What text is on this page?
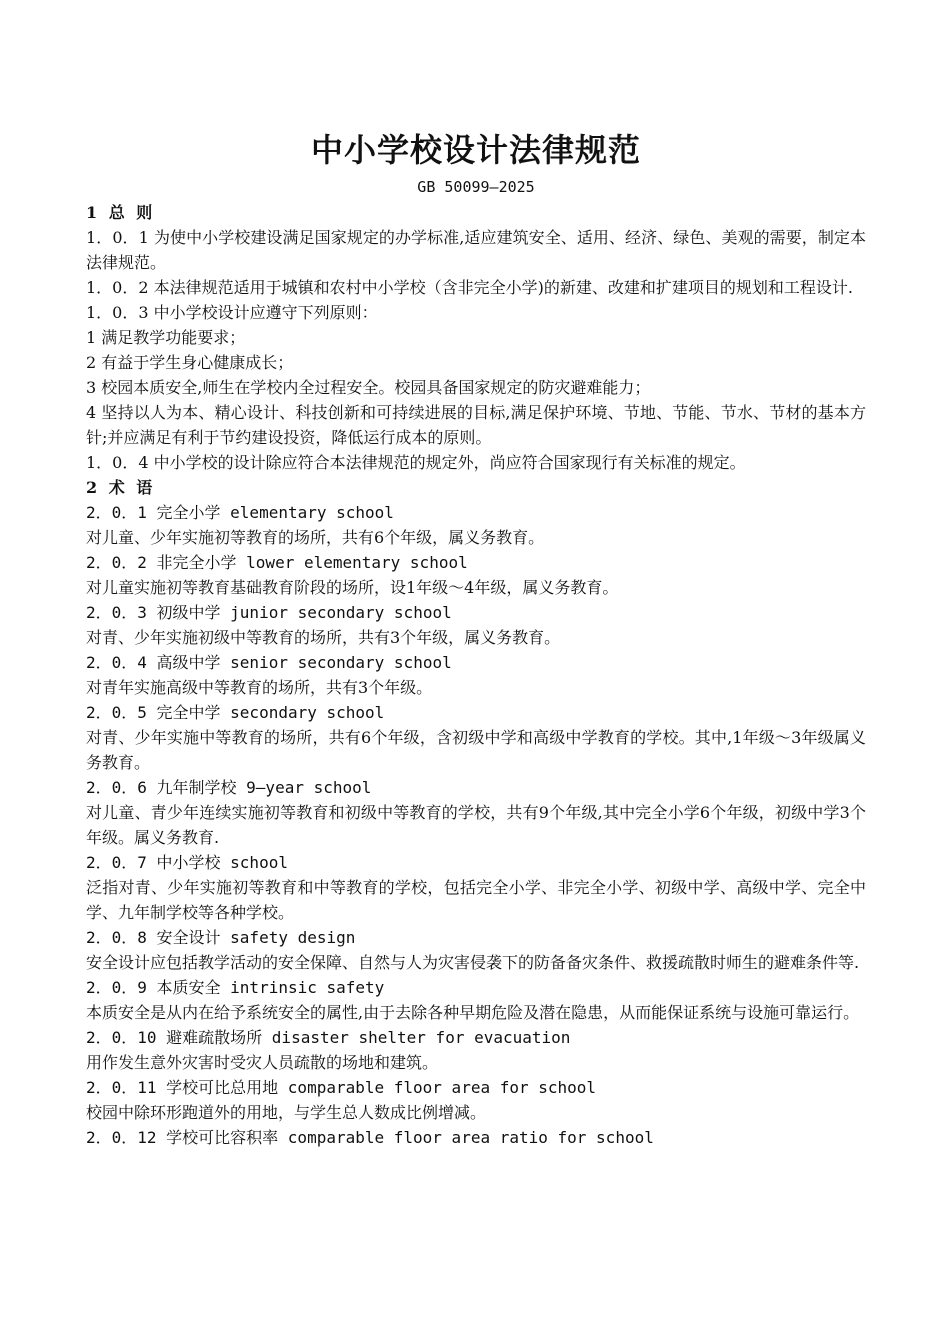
中小学校设计法律规范
GB 50099—2025
1 总 则
1．0．1 为使中小学校建设满足国家规定的办学标准,适应建筑安全、适用、经济、绿色、美观的需要，制定本法律规范。
1．0．2 本法律规范适用于城镇和农村中小学校（含非完全小学)的新建、改建和扩建项目的规划和工程设计.
1．0．3 中小学校设计应遵守下列原则：
1 满足教学功能要求；
2 有益于学生身心健康成长；
3 校园本质安全,师生在学校内全过程安全。校园具备国家规定的防灾避难能力；
4 坚持以人为本、精心设计、科技创新和可持续进展的目标,满足保护环境、节地、节能、节水、节材的基本方针;并应满足有利于节约建设投资，降低运行成本的原则。
1．0．4 中小学校的设计除应符合本法律规范的规定外，尚应符合国家现行有关标准的规定。
2 术 语
2．0．1 完全小学 elementary school
对儿童、少年实施初等教育的场所，共有6个年级，属义务教育。
2．0．2 非完全小学 lower elementary school
对儿童实施初等教育基础教育阶段的场所，设1年级～4年级，属义务教育。
2．0．3 初级中学 junior secondary school
对青、少年实施初级中等教育的场所，共有3个年级，属义务教育。
2．0．4 高级中学 senior secondary school
对青年实施高级中等教育的场所，共有3个年级。
2．0．5 完全中学 secondary school
对青、少年实施中等教育的场所，共有6个年级，含初级中学和高级中学教育的学校。其中,1年级～3年级属义务教育。
2．0．6 九年制学校 9—year school
对儿童、青少年连续实施初等教育和初级中等教育的学校，共有9个年级,其中完全小学6个年级，初级中学3个年级。属义务教育.
2．0．7 中小学校 school
泛指对青、少年实施初等教育和中等教育的学校，包括完全小学、非完全小学、初级中学、高级中学、完全中学、九年制学校等各种学校。
2．0．8 安全设计 safety design
安全设计应包括教学活动的安全保障、自然与人为灾害侵袭下的防备备灾条件、救援疏散时师生的避难条件等.
2．0．9 本质安全 intrinsic safety
本质安全是从内在给予系统安全的属性,由于去除各种早期危险及潜在隐患，从而能保证系统与设施可靠运行。
2．0．10 避难疏散场所 disaster shelter for evacuation
用作发生意外灾害时受灾人员疏散的场地和建筑。
2．0．11 学校可比总用地 comparable floor area for school
校园中除环形跑道外的用地，与学生总人数成比例增减。
2．0．12 学校可比容积率 comparable floor area ratio for school
